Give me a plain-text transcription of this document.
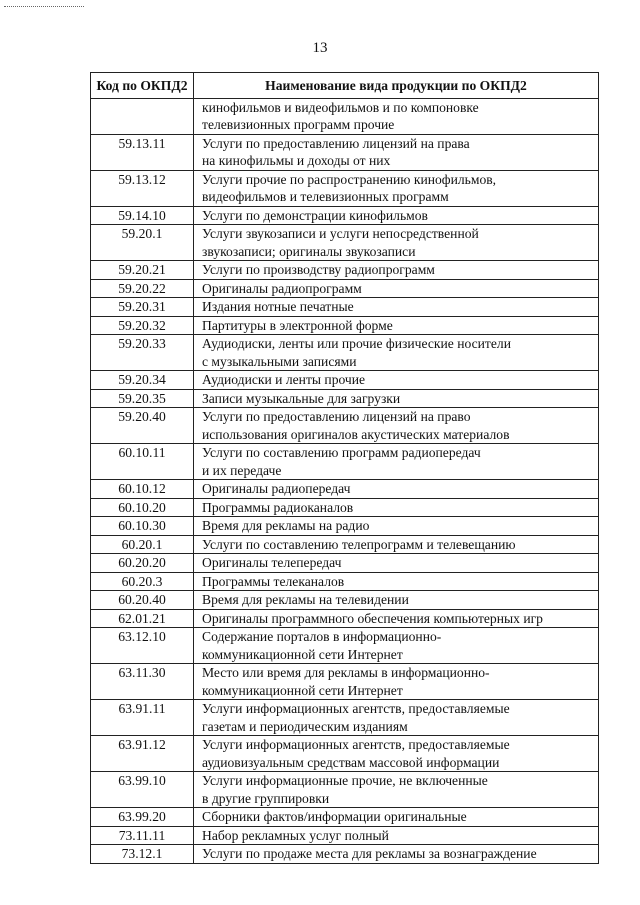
13
Код по ОКПД2	Наименование вида продукции по ОКПД2

	кинофильмов и видеофильмов и по компоновке
телевизионных программ прочие

59.13.11	Услуги по предоставлению лицензий на права
на кинофильмы и доходы от них

59.13.12	Услуги прочие по распространению кинофильмов,
видеофильмов и телевизионных программ

59.14.10	Услуги по демонстрации кинофильмов

59.20.1	Услуги звукозаписи и услуги непосредственной
звукозаписи; оригиналы звукозаписи

59.20.21	Услуги по производству радиопрограмм

59.20.22	Оригиналы радиопрограмм

59.20.31	Издания нотные печатные

59.20.32	Партитуры в электронной форме

59.20.33	Аудиодиски, ленты или прочие физические носители
с музыкальными записями

59.20.34	Аудиодиски и ленты прочие

59.20.35	Записи музыкальные для загрузки

59.20.40	Услуги по предоставлению лицензий на право
использования оригиналов акустических материалов

60.10.11	Услуги по составлению программ радиопередач
и их передаче

60.10.12	Оригиналы радиопередач

60.10.20	Программы радиоканалов

60.10.30	Время для рекламы на радио

60.20.1	Услуги по составлению телепрограмм и телевещанию

60.20.20	Оригиналы телепередач

60.20.3	Программы телеканалов

60.20.40	Время для рекламы на телевидении

62.01.21	Оригиналы программного обеспечения компьютерных игр

63.12.10	Содержание порталов в информационно-
коммуникационной сети Интернет

63.11.30	Место или время для рекламы в информационно-
коммуникационной сети Интернет

63.91.11	Услуги информационных агентств, предоставляемые
газетам и периодическим изданиям

63.91.12	Услуги информационных агентств, предоставляемые
аудиовизуальным средствам массовой информации

63.99.10	Услуги информационные прочие, не включенные
в другие группировки

63.99.20	Сборники фактов/информации оригинальные

73.11.11	Набор рекламных услуг полный

73.12.1	Услуги по продаже места для рекламы за вознаграждение
